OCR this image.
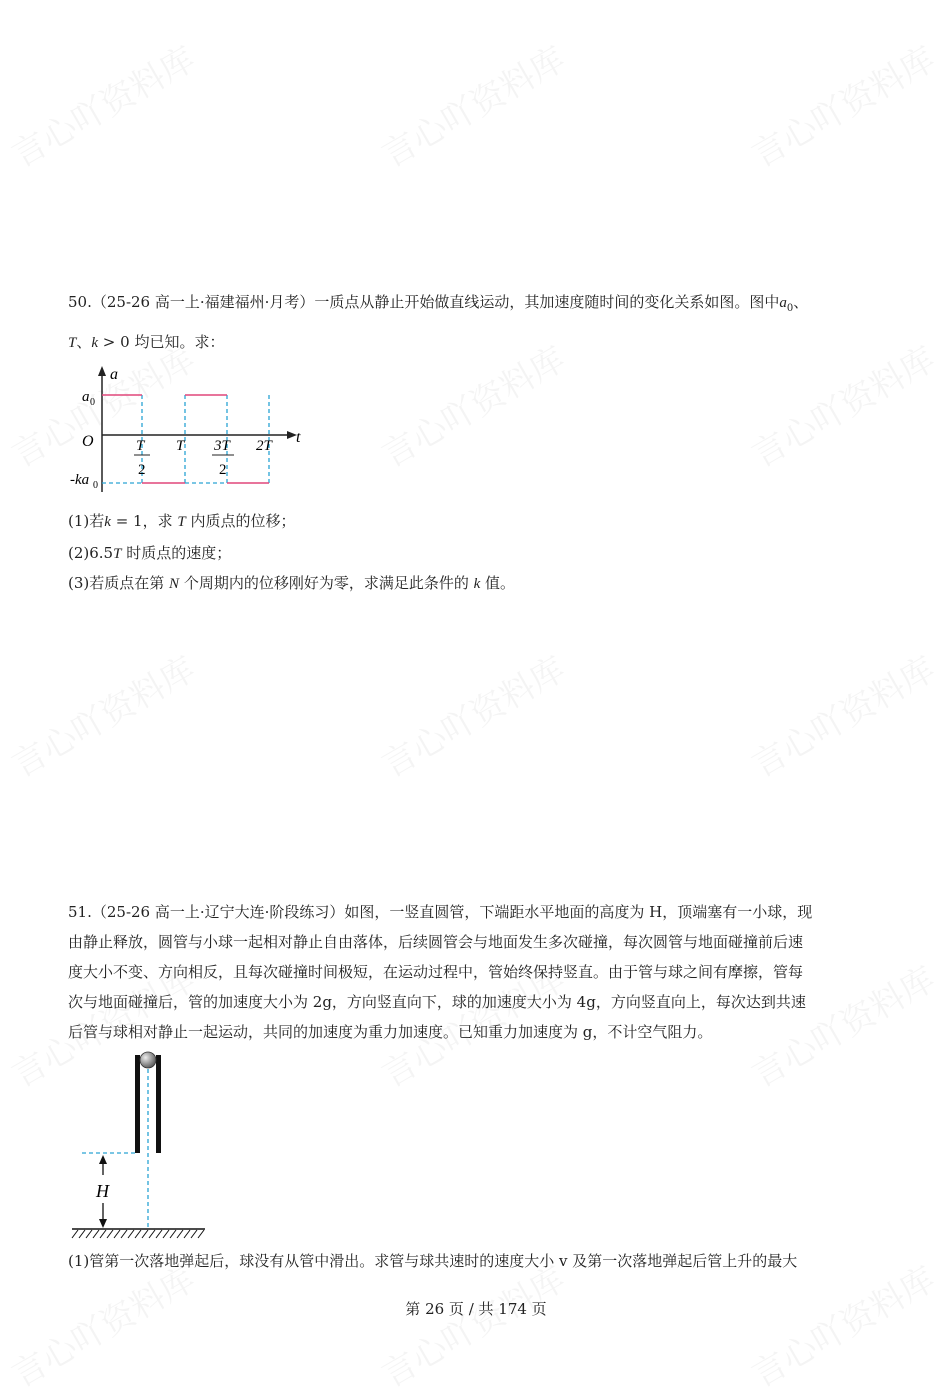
50.（25-26 高一上·福建福州·月考）一质点从静止开始做直线运动，其加速度随时间的变化关系如图。图中$a_0$、
T、k > 0 均已知。求：
a
t
O
a 0
-ka 0
T
2
T 3T
2
2T
H
(1)若k = 1，求 T 内质点的位移；
(2)6.5T 时质点的速度；
(3)若质点在第 N 个周期内的位移刚好为零，求满足此条件的 k 值。
51.（25-26 高一上·辽宁大连·阶段练习）如图，一竖直圆管，下端距水平地面的高度为 H，顶端塞有一小球，现
由静止释放，圆管与小球一起相对静止自由落体，后续圆管会与地面发生多次碰撞，每次圆管与地面碰撞前后速
度大小不变、方向相反，且每次碰撞时间极短，在运动过程中，管始终保持竖直。由于管与球之间有摩擦，管每
次与地面碰撞后，管的加速度大小为 2g，方向竖直向下，球的加速度大小为 4g，方向竖直向上，每次达到共速
后管与球相对静止一起运动，共同的加速度为重力加速度。已知重力加速度为 g，不计空气阻力。
(1)管第一次落地弹起后，球没有从管中滑出。求管与球共速时的速度大小 v 及第一次落地弹起后管上升的最大
第 26 页 / 共 174 页
